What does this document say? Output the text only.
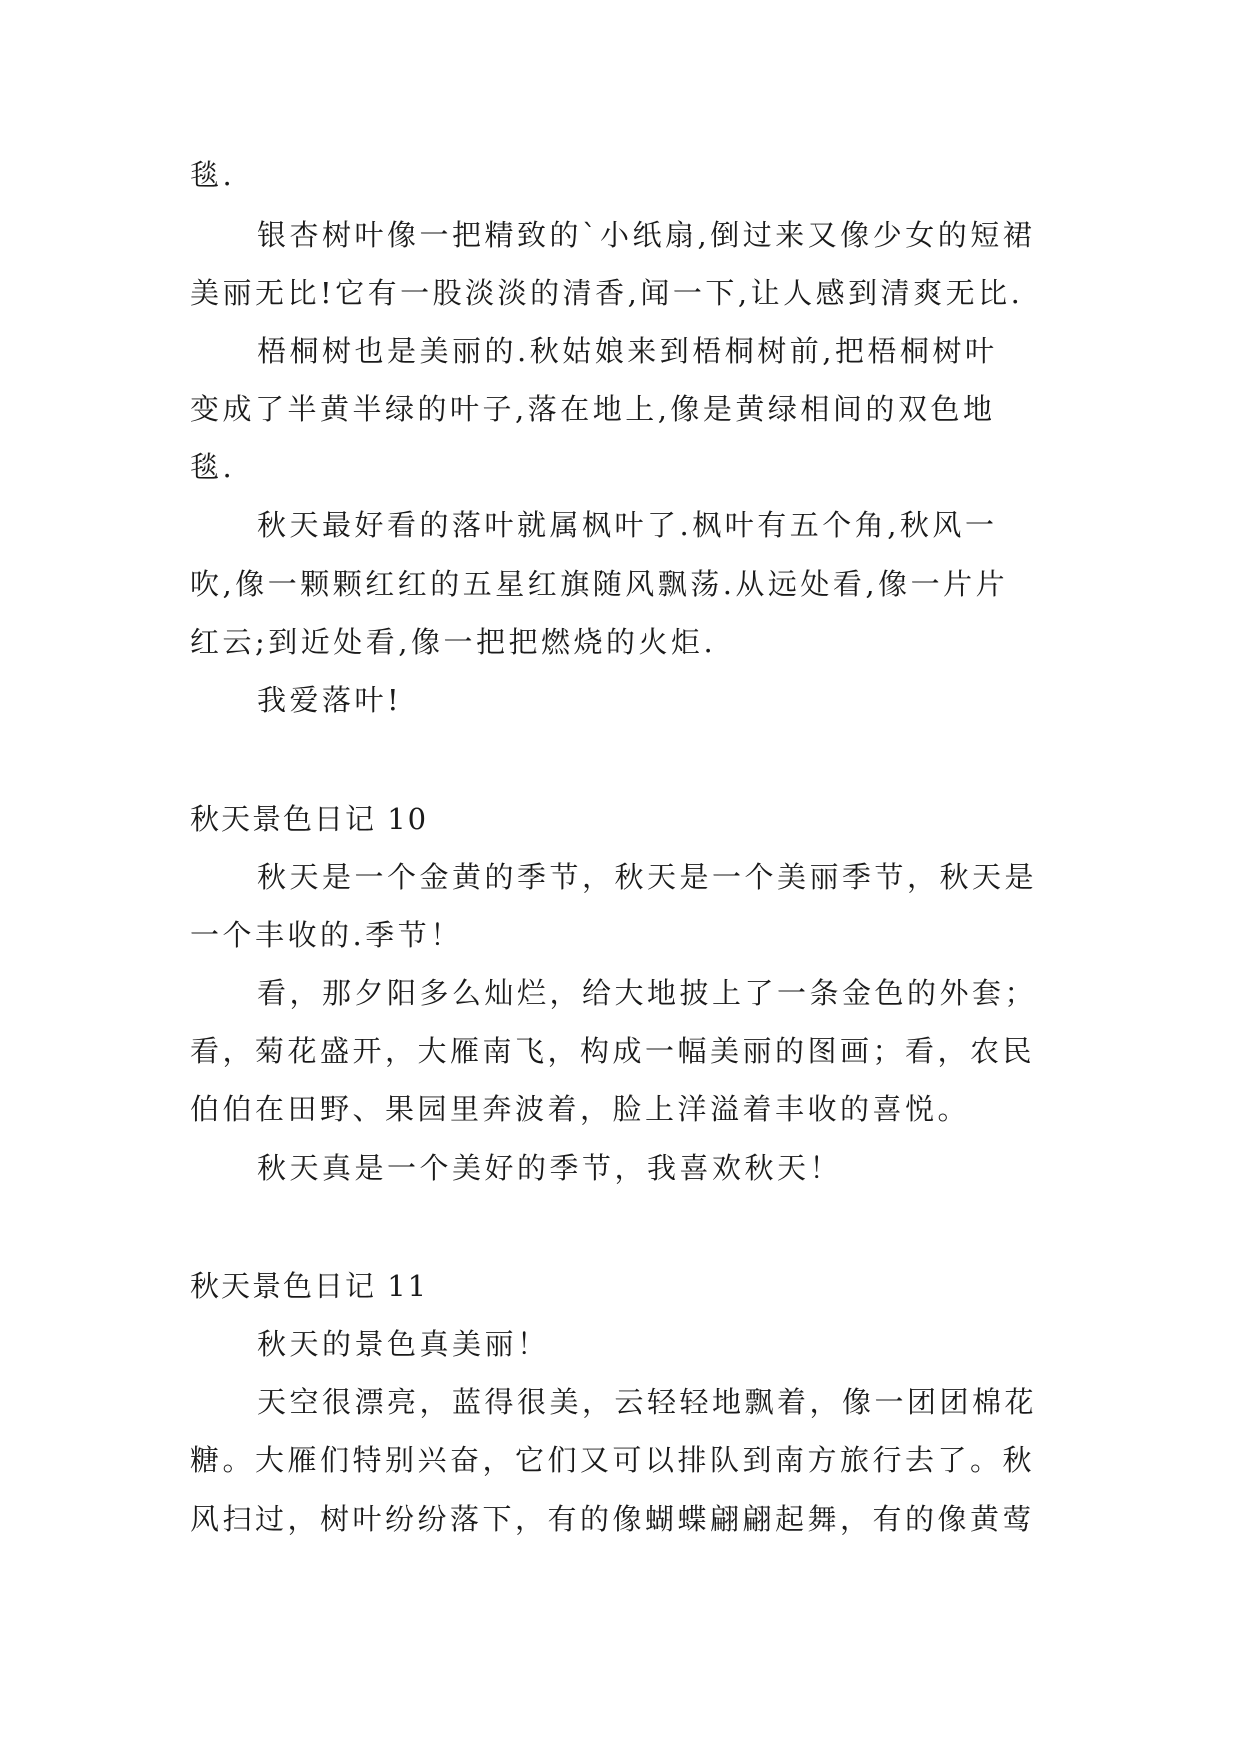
毯.
银杏树叶像一把精致的`小纸扇,倒过来又像少女的短裙
美丽无比!它有一股淡淡的清香,闻一下,让人感到清爽无比.
梧桐树也是美丽的.秋姑娘来到梧桐树前,把梧桐树叶
变成了半黄半绿的叶子,落在地上,像是黄绿相间的双色地
毯.
秋天最好看的落叶就属枫叶了.枫叶有五个角,秋风一
吹,像一颗颗红红的五星红旗随风飘荡.从远处看,像一片片
红云;到近处看,像一把把燃烧的火炬.
我爱落叶!
秋天景色日记 10
秋天是一个金黄的季节，秋天是一个美丽季节，秋天是
一个丰收的.季节！
看，那夕阳多么灿烂，给大地披上了一条金色的外套；
看，菊花盛开，大雁南飞，构成一幅美丽的图画；看，农民
伯伯在田野、果园里奔波着，脸上洋溢着丰收的喜悦。
秋天真是一个美好的季节，我喜欢秋天！
秋天景色日记 11
秋天的景色真美丽！
天空很漂亮，蓝得很美，云轻轻地飘着，像一团团棉花
糖。大雁们特别兴奋，它们又可以排队到南方旅行去了。秋
风扫过，树叶纷纷落下，有的像蝴蝶翩翩起舞，有的像黄莺
